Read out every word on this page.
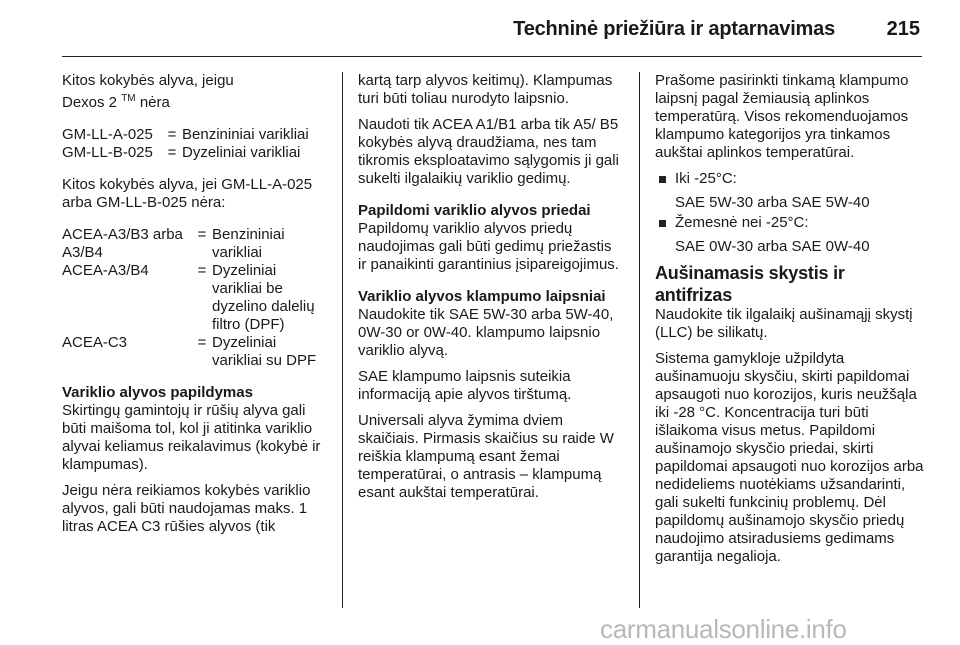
Techninė priežiūra ir aptarnavimas	215

Kitos kokybės alyva, jeigu
Dexos 2 ™ nėra

GM-LL-A-025	=	Benzininiai varikliai
GM-LL-B-025	=	Dyzeliniai varikliai

Kitos kokybės alyva, jei GM-LL-A-025 arba GM-LL-B-025 nėra:

ACEA-A3/B3 arba A3/B4	=	Benzininiai varikliai
ACEA-A3/B4	=	Dyzeliniai varikliai be dyzelino dalelių filtro (DPF)
ACEA-C3	=	Dyzeliniai varikliai su DPF
Variklio alyvos papildymas

Skirtingų gamintojų ir rūšių alyva gali būti maišoma tol, kol ji atitinka variklio alyvai keliamus reikalavimus (kokybė ir klampumas).

Jeigu nėra reikiamos kokybės variklio alyvos, gali būti naudojamas maks. 1 litras ACEA C3 rūšies alyvos (tik

kartą tarp alyvos keitimų). Klampumas turi būti toliau nurodyto laipsnio.

Naudoti tik ACEA A1/B1 arba tik A5/ B5 kokybės alyvą draudžiama, nes tam tikromis eksploatavimo sąlygomis ji gali sukelti ilgalaikių variklio gedimų.

Papildomi variklio alyvos priedai

Papildomų variklio alyvos priedų naudojimas gali būti gedimų priežastis ir panaikinti garantinius įsipareigojimus.

Variklio alyvos klampumo laipsniai

Naudokite tik SAE 5W-30 arba 5W-40, 0W-30 or 0W-40. klampumo laipsnio variklio alyvą.

SAE klampumo laipsnis suteikia informaciją apie alyvos tirštumą.

Universali alyva žymima dviem skaičiais. Pirmasis skaičius su raide W reiškia klampumą esant žemai temperatūrai, o antrasis – klampumą esant aukštai temperatūrai.

Prašome pasirinkti tinkamą klampumo laipsnį pagal žemiausią aplinkos temperatūrą. Visos rekomenduojamos klampumo kategorijos yra tinkamos aukštai aplinkos temperatūrai.

Iki -25°C:
SAE 5W-30 arba SAE 5W-40
Žemesnė nei -25°C:
SAE 0W-30 arba SAE 0W-40
Aušinamasis skystis ir antifrizas

Naudokite tik ilgalaikį aušinamąjį skystį (LLC) be silikatų.

Sistema gamykloje užpildyta aušinamuoju skysčiu, skirti papildomai apsaugoti nuo korozijos, kuris neužšąla iki -28 °C. Koncentracija turi būti išlaikoma visus metus. Papildomi aušinamojo skysčio priedai, skirti papildomai apsaugoti nuo korozijos arba nedideliems nuotėkiams užsandarinti, gali sukelti funkcinių problemų. Dėl papildomų aušinamojo skysčio priedų naudojimo atsiradusiems gedimams garantija negalioja.

carmanualsonline.info
